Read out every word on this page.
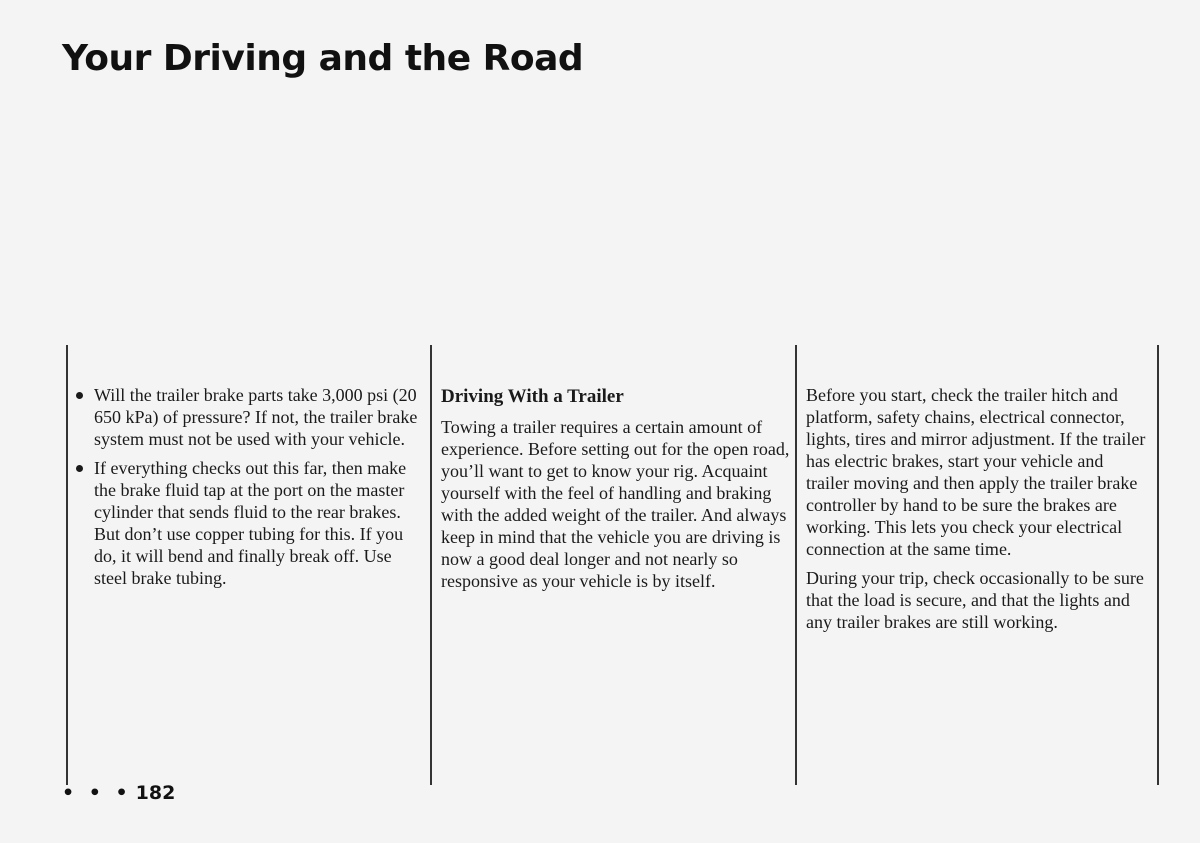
Your Driving and the Road
Will the trailer brake parts take 3,000 psi (20 650 kPa) of pressure? If not, the trailer brake system must not be used with your vehicle.
If everything checks out this far, then make the brake fluid tap at the port on the master cylinder that sends fluid to the rear brakes. But don’t use copper tubing for this. If you do, it will bend and finally break off. Use steel brake tubing.
Driving With a Trailer

Towing a trailer requires a certain amount of experience. Before setting out for the open road, you’ll want to get to know your rig. Acquaint yourself with the feel of handling and braking with the added weight of the trailer. And always keep in mind that the vehicle you are driving is now a good deal longer and not nearly so responsive as your vehicle is by itself.

Before you start, check the trailer hitch and platform, safety chains, electrical connector, lights, tires and mirror adjustment. If the trailer has electric brakes, start your vehicle and trailer moving and then apply the trailer brake controller by hand to be sure the brakes are working. This lets you check your electrical connection at the same time.

During your trip, check occasionally to be sure that the load is secure, and that the lights and any trailer brakes are still working.

• • • 182
